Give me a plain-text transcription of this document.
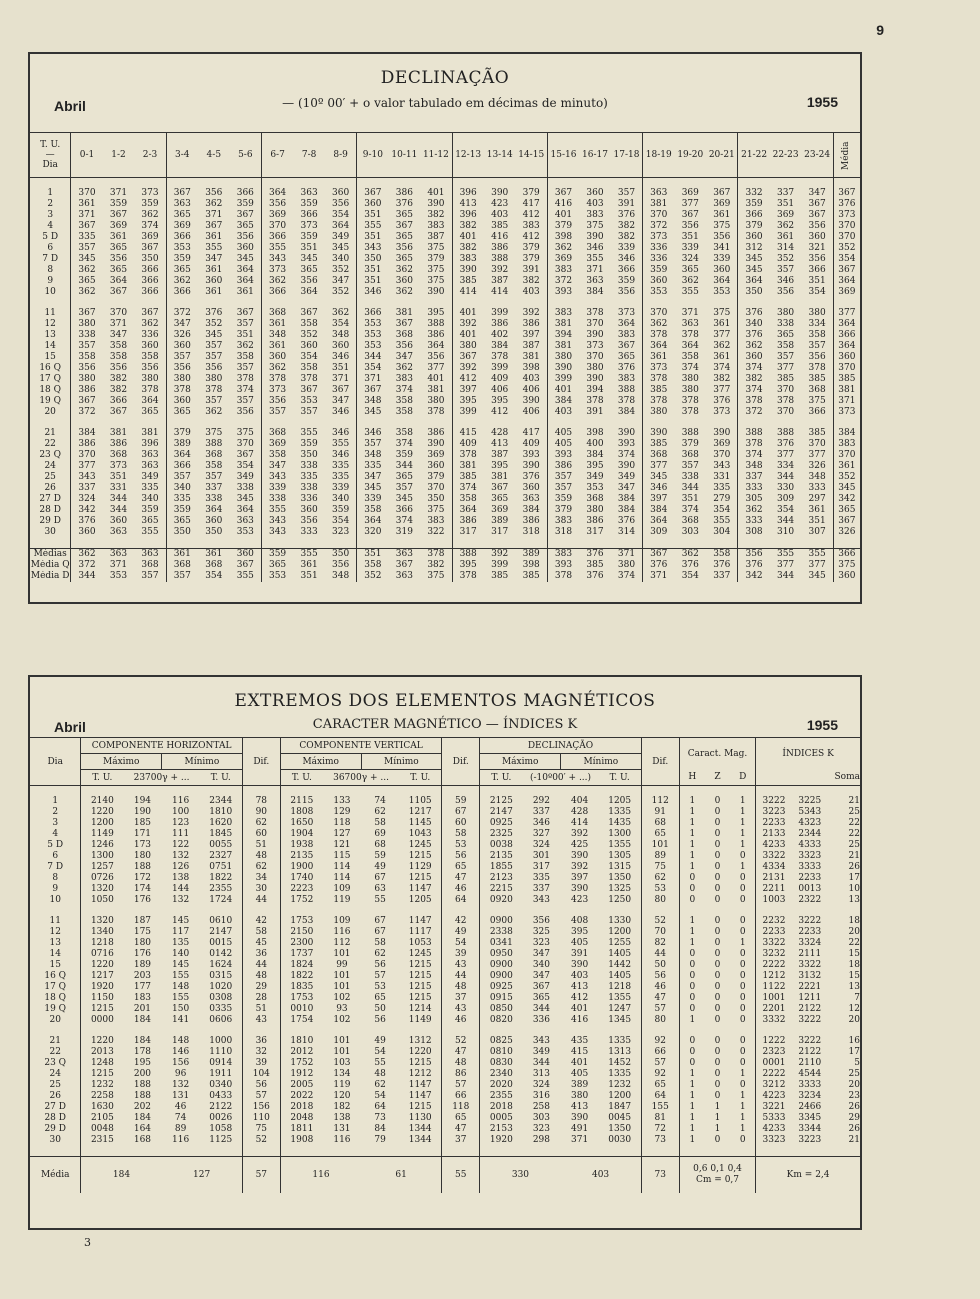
9
DECLINAÇÃO
Abril	— (10º 00′ + o valor tabulado em décimas de minuto)	1955
T. U.
—
Dia	0-1	1-2	2-3	3-4	4-5	5-6	6-7	7-8	8-9	9-10	10-11	11-12	12-13	13-14	14-15	15-16	16-17	17-18	18-19	19-20	20-21	21-22	22-23	23-24	Média

1	370	371	373	367	356	366	364	363	360	367	386	401	396	390	379	367	360	357	363	369	367	332	337	347	367
2	361	359	359	363	362	359	356	359	356	360	376	390	413	423	417	416	403	391	381	377	369	359	351	367	376
3	371	367	362	365	371	367	369	366	354	351	365	382	396	403	412	401	383	376	370	367	361	366	369	367	373
4	367	369	374	369	367	365	370	373	364	355	367	383	382	385	383	379	375	382	372	356	375	379	362	356	370
5 D	335	361	369	366	361	356	366	359	349	351	365	387	401	416	412	398	390	382	373	351	356	360	361	360	370
6	357	365	367	353	355	360	355	351	345	343	356	375	382	386	379	362	346	339	336	339	341	312	314	321	352
7 D	345	356	350	359	347	345	343	345	340	350	365	379	383	388	379	369	355	346	336	324	339	345	352	356	354
8	362	365	366	365	361	364	373	365	352	351	362	375	390	392	391	383	371	366	359	365	360	345	357	366	367
9	365	364	366	362	360	364	362	356	347	351	360	375	385	387	382	372	363	359	360	362	364	364	346	351	364
10	362	367	366	366	361	361	366	364	352	346	362	390	414	414	403	393	384	356	353	355	353	350	356	354	369

11	367	370	367	372	376	367	368	367	362	366	381	395	401	399	392	383	378	373	370	371	375	376	380	380	377
12	380	371	362	347	352	357	361	358	354	353	367	388	392	386	386	381	370	364	362	363	361	340	338	334	364
13	338	347	336	326	345	351	348	352	348	353	368	386	401	402	397	394	390	383	378	378	377	376	365	358	366
14	357	358	360	360	357	362	361	360	360	353	356	364	380	384	387	381	373	367	364	364	362	362	358	357	364
15	358	358	358	357	357	358	360	354	346	344	347	356	367	378	381	380	370	365	361	358	361	360	357	356	360
16 Q	356	356	356	356	356	357	362	358	351	354	362	377	392	399	398	390	380	376	373	374	374	374	377	378	370
17 Q	380	382	380	380	380	378	378	378	371	371	383	401	412	409	403	399	390	383	378	380	382	382	385	385	385
18 Q	386	382	378	378	378	374	373	367	367	367	374	381	397	406	406	401	394	388	385	380	377	374	370	368	381
19 Q	367	366	364	360	357	357	356	353	347	348	358	380	395	395	390	384	378	378	378	378	376	378	378	375	371
20	372	367	365	365	362	356	357	357	346	345	358	378	399	412	406	403	391	384	380	378	373	372	370	366	373

21	384	381	381	379	375	375	368	355	346	346	358	386	415	428	417	405	398	390	390	388	390	388	388	385	384
22	386	386	396	389	388	370	369	359	355	357	374	390	409	413	409	405	400	393	385	379	369	378	376	370	383
23 Q	370	368	363	364	368	367	358	350	346	348	359	369	378	387	393	393	384	374	368	368	370	374	377	377	370
24	377	373	363	366	358	354	347	338	335	335	344	360	381	395	390	386	395	390	377	357	343	348	334	326	361
25	343	351	349	357	357	349	343	335	335	347	365	379	385	381	376	357	349	349	345	338	331	337	344	348	352
26	337	331	335	340	337	338	339	338	339	345	357	370	374	367	360	357	353	347	346	344	335	333	330	333	345
27 D	324	344	340	335	338	345	338	336	340	339	345	350	358	365	363	359	368	384	397	351	279	305	309	297	342
28 D	342	344	359	359	364	364	355	360	359	358	366	375	364	369	384	379	380	384	384	374	354	362	354	361	365
29 D	376	360	365	365	360	363	343	356	354	364	374	383	386	389	386	383	386	376	364	368	355	333	344	351	367
30	360	363	355	350	350	353	343	333	323	320	319	322	317	317	318	318	317	314	309	303	304	308	310	307	326

Médias	362	363	363	361	361	360	359	355	350	351	363	378	388	392	389	383	376	371	367	362	358	356	355	355	366
Média Q	372	371	368	368	368	367	365	361	356	358	367	382	395	399	398	393	385	380	376	376	376	376	377	377	375
Média D	344	353	357	357	354	355	353	351	348	352	363	375	378	385	385	378	376	374	371	354	337	342	344	345	360
EXTREMOS DOS ELEMENTOS MAGNÉTICOS
Abril	CARACTER MAGNÉTICO — ÍNDICES K	1955
Dia	COMPONENTE HORIZONTAL				Dif.	COMPONENTE VERTICAL				Dif.	DECLINAÇÃO				Dif.	Caract. Mag.			ÍNDICES K		
	Máximo		Mínimo			Máximo		Mínimo			Máximo		Mínimo								
	T. U.	23700γ + ...		T. U.		T. U.	36700γ + ...		T. U.		T. U.	(-10º00′ + ...)		T. U.		H	Z	D			Soma

1	2140	194	116	2344	78	2115	133	74	1105	59	2125	292	404	1205	112	1	0	1	3222	3225	21
2	1220	190	100	1810	90	1808	129	62	1217	67	2147	337	428	1335	91	1	0	1	3223	5343	25
3	1200	185	123	1620	62	1650	118	58	1145	60	0925	346	414	1435	68	1	0	1	2233	4323	22
4	1149	171	111	1845	60	1904	127	69	1043	58	2325	327	392	1300	65	1	0	1	2133	2344	22
5 D	1246	173	122	0055	51	1938	121	68	1245	53	0038	324	425	1355	101	1	0	1	4233	4333	25
6	1300	180	132	2327	48	2135	115	59	1215	56	2135	301	390	1305	89	1	0	0	3322	3323	21
7 D	1257	188	126	0751	62	1900	114	49	1129	65	1855	317	392	1315	75	1	0	1	4334	3333	26
8	0726	172	138	1822	34	1740	114	67	1215	47	2123	335	397	1350	62	0	0	0	2131	2233	17
9	1320	174	144	2355	30	2223	109	63	1147	46	2215	337	390	1325	53	0	0	0	2211	0013	10
10	1050	176	132	1724	44	1752	119	55	1205	64	0920	343	423	1250	80	0	0	0	1003	2322	13

11	1320	187	145	0610	42	1753	109	67	1147	42	0900	356	408	1330	52	1	0	0	2232	3222	18
12	1340	175	117	2147	58	2150	116	67	1117	49	2338	325	395	1200	70	1	0	0	2233	2233	20
13	1218	180	135	0015	45	2300	112	58	1053	54	0341	323	405	1255	82	1	0	1	3322	3324	22
14	0716	176	140	0142	36	1737	101	62	1245	39	0950	347	391	1405	44	0	0	0	3232	2111	15
15	1220	189	145	1624	44	1824	99	56	1215	43	0900	340	390	1442	50	0	0	0	2222	3322	18
16 Q	1217	203	155	0315	48	1822	101	57	1215	44	0900	347	403	1405	56	0	0	0	1212	3132	15
17 Q	1920	177	148	1020	29	1835	101	53	1215	48	0925	367	413	1218	46	0	0	0	1122	2221	13
18 Q	1150	183	155	0308	28	1753	102	65	1215	37	0915	365	412	1355	47	0	0	0	1001	1211	7
19 Q	1215	201	150	0335	51	0010	93	50	1214	43	0850	344	401	1247	57	0	0	0	2201	2122	12
20	0000	184	141	0606	43	1754	102	56	1149	46	0820	336	416	1345	80	1	0	0	3332	3222	20

21	1220	184	148	1000	36	1810	101	49	1312	52	0825	343	435	1335	92	0	0	0	1222	3222	16
22	2013	178	146	1110	32	2012	101	54	1220	47	0810	349	415	1313	66	0	0	0	2323	2122	17
23 Q	1248	195	156	0914	39	1752	103	55	1215	48	0830	344	401	1452	57	0	0	0	0001	2110	5
24	1215	200	96	1911	104	1912	134	48	1212	86	2340	313	405	1335	92	1	0	1	2222	4544	25
25	1232	188	132	0340	56	2005	119	62	1147	57	2020	324	389	1232	65	1	0	0	3212	3333	20
26	2258	188	131	0433	57	2022	120	54	1147	66	2355	316	380	1200	64	1	0	1	4223	3234	23
27 D	1630	202	46	2122	156	2018	182	64	1215	118	2018	258	413	1847	155	1	1	1	3221	2466	26
28 D	2105	184	74	0026	110	2048	138	73	1130	65	0005	303	390	0045	81	1	1	1	5333	3345	29
29 D	0048	164	89	1058	75	1811	131	84	1344	47	2153	323	491	1350	72	1	1	1	4233	3344	26
30	2315	168	116	1125	52	1908	116	79	1344	37	1920	298	371	0030	73	1	0	0	3323	3223	21

Média	184		127		57	116		61		55	330		403		73	0,6 0,1 0,4
Cm = 0,7			Km = 2,4		
3
